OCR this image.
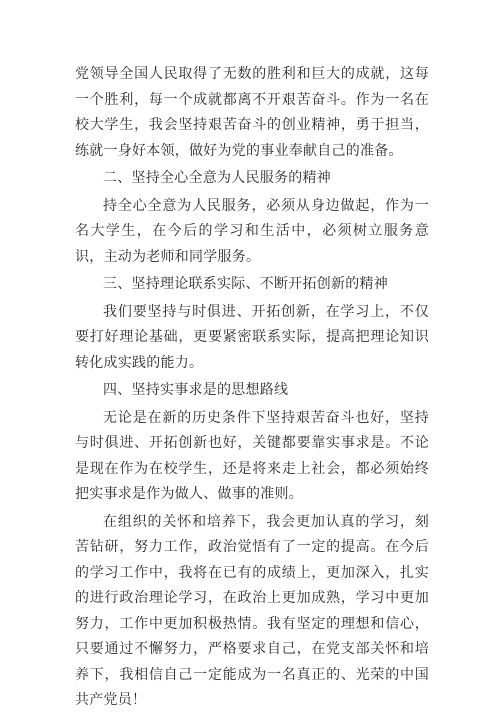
党领导全国人民取得了无数的胜利和巨大的成就，这每一个胜利，每一个成就都离不开艰苦奋斗。作为一名在校大学生，我会坚持艰苦奋斗的创业精神，勇于担当，练就一身好本领，做好为党的事业奉献自己的准备。

二、坚持全心全意为人民服务的精神

持全心全意为人民服务，必须从身边做起，作为一名大学生，在今后的学习和生活中，必须树立服务意识，主动为老师和同学服务。

三、坚持理论联系实际、不断开拓创新的精神

我们要坚持与时俱进、开拓创新，在学习上，不仅要打好理论基础，更要紧密联系实际，提高把理论知识转化成实践的能力。

四、坚持实事求是的思想路线

无论是在新的历史条件下坚持艰苦奋斗也好，坚持与时俱进、开拓创新也好，关键都要靠实事求是。不论是现在作为在校学生，还是将来走上社会，都必须始终把实事求是作为做人、做事的准则。

在组织的关怀和培养下，我会更加认真的学习，刻苦钻研，努力工作，政治觉悟有了一定的提高。在今后的学习工作中，我将在已有的成绩上，更加深入，扎实的进行政治理论学习，在政治上更加成熟，学习中更加努力，工作中更加积极热情。我有坚定的理想和信心，只要通过不懈努力，严格要求自己，在党支部关怀和培养下，我相信自己一定能成为一名真正的、光荣的中国共产党员！
